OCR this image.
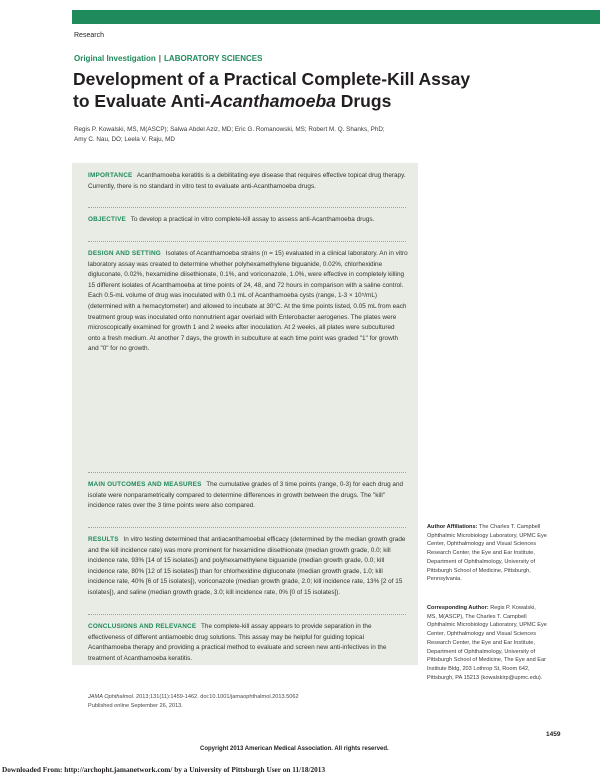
Research
Original Investigation | LABORATORY SCIENCES
Development of a Practical Complete-Kill Assay
to Evaluate Anti-Acanthamoeba Drugs
Regis P. Kowalski, MS, M(ASCP); Salwa Abdel Aziz, MD; Eric G. Romanowski, MS; Robert M. Q. Shanks, PhD;
Amy C. Nau, DO; Leela V. Raju, MD
IMPORTANCE Acanthamoeba keratitis is a debilitating eye disease that requires effective topical drug therapy. Currently, there is no standard in vitro test to evaluate anti-Acanthamoeba drugs.
OBJECTIVE To develop a practical in vitro complete-kill assay to assess anti-Acanthamoeba drugs.
DESIGN AND SETTING Isolates of Acanthamoeba strains (n = 15) evaluated in a clinical laboratory. An in vitro laboratory assay was created to determine whether polyhexamethylene biguanide, 0.02%, chlorhexidine digluconate, 0.02%, hexamidine diisethionate, 0.1%, and voriconazole, 1.0%, were effective in completely killing 15 different isolates of Acanthamoeba at time points of 24, 48, and 72 hours in comparison with a saline control. Each 0.5-mL volume of drug was inoculated with 0.1 mL of Acanthamoeba cysts (range, 1-3 × 10⁵/mL) (determined with a hemacytometer) and allowed to incubate at 30°C. At the time points listed, 0.05 mL from each treatment group was inoculated onto nonnutrient agar overlaid with Enterobacter aerogenes. The plates were microscopically examined for growth 1 and 2 weeks after inoculation. At 2 weeks, all plates were subcultured onto a fresh medium. At another 7 days, the growth in subculture at each time point was graded "1" for growth and "0" for no growth.
MAIN OUTCOMES AND MEASURES The cumulative grades of 3 time points (range, 0-3) for each drug and isolate were nonparametrically compared to determine differences in growth between the drugs. The "kill" incidence rates over the 3 time points were also compared.
RESULTS In vitro testing determined that antiacanthamoebal efficacy (determined by the median growth grade and the kill incidence rate) was more prominent for hexamidine diisethionate (median growth grade, 0.0; kill incidence rate, 93% [14 of 15 isolates]) and polyhexamethylene biguanide (median growth grade, 0.0; kill incidence rate, 80% [12 of 15 isolates]) than for chlorhexidine digluconate (median growth grade, 1.0; kill incidence rate, 40% [6 of 15 isolates]), voriconazole (median growth grade, 2.0; kill incidence rate, 13% [2 of 15 isolates]), and saline (median growth grade, 3.0; kill incidence rate, 0% [0 of 15 isolates]).
CONCLUSIONS AND RELEVANCE The complete-kill assay appears to provide separation in the effectiveness of different antiamoebic drug solutions. This assay may be helpful for guiding topical Acanthamoeba therapy and providing a practical method to evaluate and screen new anti-infectives in the treatment of Acanthamoeba keratitis.
Author Affiliations: The Charles T. Campbell Ophthalmic Microbiology Laboratory, UPMC Eye Center, Ophthalmology and Visual Sciences Research Center, the Eye and Ear Institute, Department of Ophthalmology, University of Pittsburgh School of Medicine, Pittsburgh, Pennsylvania.
Corresponding Author: Regis P. Kowalski, MS, M(ASCP), The Charles T. Campbell Ophthalmic Microbiology Laboratory, UPMC Eye Center, Ophthalmology and Visual Sciences Research Center, the Eye and Ear Institute, Department of Ophthalmology, University of Pittsburgh School of Medicine, The Eye and Ear Institute Bldg, 203 Lothrop St, Room 642, Pittsburgh, PA 15213 (kowalskirp@upmc.edu).
JAMA Ophthalmol. 2013;131(11):1459-1462. doi:10.1001/jamaophthalmol.2013.5062
Published online September 26, 2013.
1459
Copyright 2013 American Medical Association. All rights reserved.
Downloaded From: http://archopht.jamanetwork.com/ by a University of Pittsburgh User on 11/18/2013
